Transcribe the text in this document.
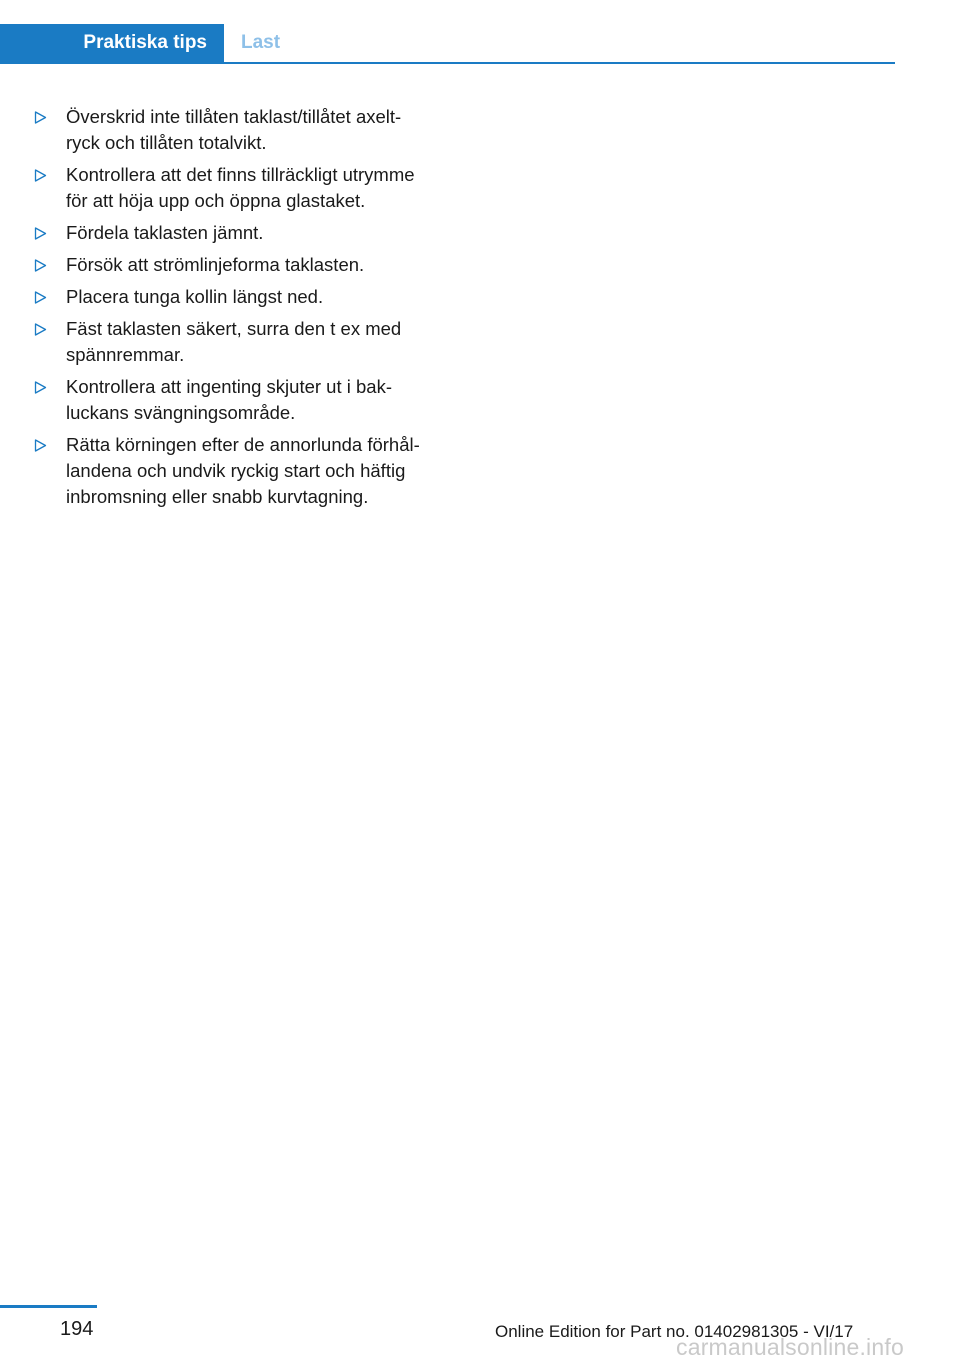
Praktiska tips	Last
Överskrid inte tillåten taklast/tillåtet axelt‐
ryck och tillåten totalvikt.
Kontrollera att det finns tillräckligt utrymme
för att höja upp och öppna glastaket.
Fördela taklasten jämnt.
Försök att strömlinjeforma taklasten.
Placera tunga kollin längst ned.
Fäst taklasten säkert, surra den t ex med
spännremmar.
Kontrollera att ingenting skjuter ut i bak‐
luckans svängningsområde.
Rätta körningen efter de annorlunda förhål‐
landena och undvik ryckig start och häftig
inbromsning eller snabb kurvtagning.
194	Online Edition for Part no. 01402981305 - VI/17
carmanualsonline.info
